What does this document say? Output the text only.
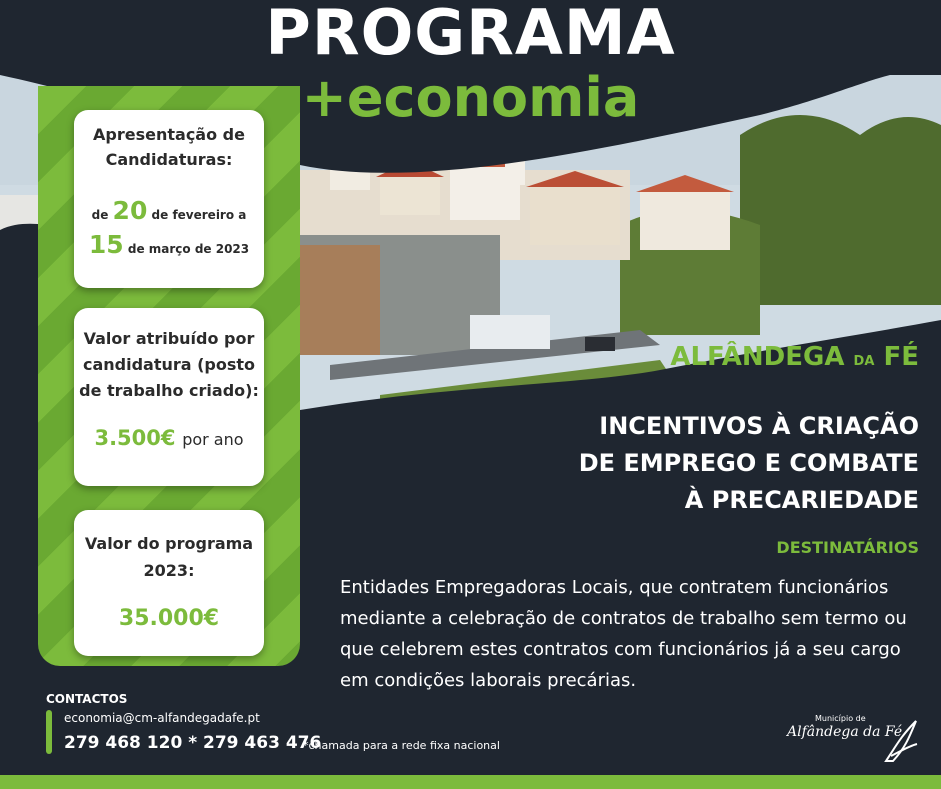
PROGRAMA
+economia
Apresentação de Candidaturas:
de 20 de fevereiro a
15 de março de 2023
Valor atribuído por candidatura (posto de trabalho criado):
3.500€ por ano
Valor do programa 2023:
35.000€
ALFÂNDEGA DA FÉ
INCENTIVOS À CRIAÇÃO
DE EMPREGO E COMBATE
À PRECARIEDADE
DESTINATÁRIOS
Entidades Empregadoras Locais, que contratem funcionários mediante a celebração de contratos de trabalho sem termo ou que celebrem estes contratos com funcionários já a seu cargo em condições laborais precárias.
CONTACTOS
economia@cm-alfandegadafe.pt
279 468 120 * 279 463 476
*chamada para a rede fixa nacional
Município de
Alfândega da Fé
